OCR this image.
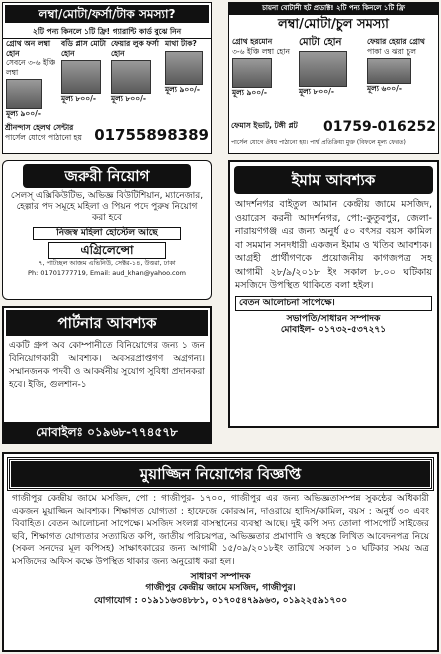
লম্বা/মোটা/ফর্সা/টাক সমস্যা?
২টি পন্য কিনলে ১টি ফ্রি! গ্যারান্টি কার্ড বুঝে নিন
গ্রোথ অন লম্বা হোন
সেবনে ৩-৬ ইঞ্চি লম্বা
মূল্য ৯০০/-
বডি প্লাস মোটা হোন
মূল্য ৮০০/-
ফেয়ার লুক ফর্সা হোন
মূল্য ৮০০/-
মাথা টাক?
মূল্য ৯০০/-
শ্রীনন্দাস হেলথ সেন্টার
পার্সেল যোগে পাঠানো হয় 01755898389
চায়না বোটানী হট প্রডাক্ট! ২টি পন্য কিনলে ১টি ফ্রি
লম্বা/মোটা/চুল সমস্যা
গ্রোথ হরমোন
৩-৬ ইঞ্চি লম্বা হোন
মূল্য ৯০০/-
মোটা হোন
মূল্য ৮০০/-
ফেয়ার হেয়ার গ্রোথ
পাকা ও ঝরা চুল
মূল্য ৬০০/-
ফেমাস ইভাট, টঙ্গী প্লট	01759-016252
পার্সেল যোগে ঔষধ পাঠানো হয়। পার্শ্ব প্রতিক্রিয়া মুক্ত (বিফলে মূল্য ফেরত)
জরুরী নিয়োগ
সেলস্ এক্সিকিউটিভ, অভিজ্ঞ বিউটিশিয়ান, ম্যানেজার, হেল্পার পদ সমূহে মহিলা ও পিয়ন পদে পুরুষ নিয়োগ করা হবে
নিজস্ব মহিলা হোস্টেল আছে
এগ্রিলেন্সো
৭, পাটচ্ছল আজম এভিনিউ, সেক্টর-১৪, উত্তরা, ঢাকা
Ph: 01701777719, Email: aud_khan@yahoo.com
ইমাম আবশ্যক
আদর্শনগর বাইতুল আমান কেন্দ্রীয় জামে মসজিদ, ওয়ারেস করনী আদর্শনগর, পো:-কুতুবপুর, জেলা-নারায়ণগঞ্জ এর জন্য অনুর্ধ ৫০ বৎসর বয়স কামিল বা সমমান সনদধারী একজন ইমাম ও খতিব আবশ্যক। আগ্রহী প্রার্থীগণকে প্রয়োজনীয় কাগজপত্র সহ আগামী ২৮/৯/২০১৮ ইং সকাল ৮.০০ ঘটিকায় মসজিদে উপস্থিত থাকিতে বলা হইল।
বেতন আলোচনা সাপেক্ষে।
সভাপতি/সাধারন সম্পাদক
মোবাইল- ০১৭৩২-৫৩৭২৭১
পার্টনার আবশ্যক
একটি গ্রুপ অব কোম্পানীতে বিনিয়োগের জন্য ১ জন বিনিয়োগকারী আবশ্যক। অবসরপ্রাপ্তগণ অগ্রগন্য। সম্মানজনক পদবী ও আকর্ষনীয় সুযোগ সুবিধা প্রদানকরা হবে। ইজি, গুলশান-১
মোবাইলঃ ০১৯৬৮-৭৭৪৫৭৮
মুয়াজ্জিন নিয়োগের বিজ্ঞপ্তি
গাজীপুর কেন্দ্রীয় জামে মসজিদ, পো : গাজীপুর- ১৭০০, গাজীপুর এর জন্য অভিজ্ঞতাসম্পন্ন সুকন্ঠের অধিকারী একজন মুয়াজ্জিন আবশ্যক। শিক্ষাগত যোগ্যতা : হাফেজে কোরআন, দাওরায়ে হাদিস/কামিল, বয়স : অনুর্ধ ৩০ এবং বিবাহিত। বেতন আলোচনা সাপেক্ষে। মসজিদ সংলগ্ন বাসস্থানের ব্যবস্থা আছে। দুই কপি সদ্য তোলা পাসপোর্ট সাইজের ছবি, শিক্ষাগত যোগ্যতার সত্যায়িত কপি, জাতীয় পরিচয়পত্র, অভিজ্ঞতার প্রমাণাদি ও স্বহস্তে লিখিত আবেদনপত্র নিয়ে (সকল সনদের মূল কপিসহ) সাক্ষাৎকারের জন্য আগামী ১৫/০৯/২০১৮ইং তারিখে সকাল ১০ ঘটিকার সময় অত্র মসজিদের অফিস কক্ষে উপস্থিত থাকার জন্য অনুরোধ করা হল।
সাধারণ সম্পাদক
গাজীপুর কেন্দ্রীয় জামে মসজিদ, গাজীপুর।
যোগাযোগ : ০১৯১১৬৩৪৮৮১, ০১৭০৫৪৭৯৯৬৩, ০১৯২২৫৯১৭০০
